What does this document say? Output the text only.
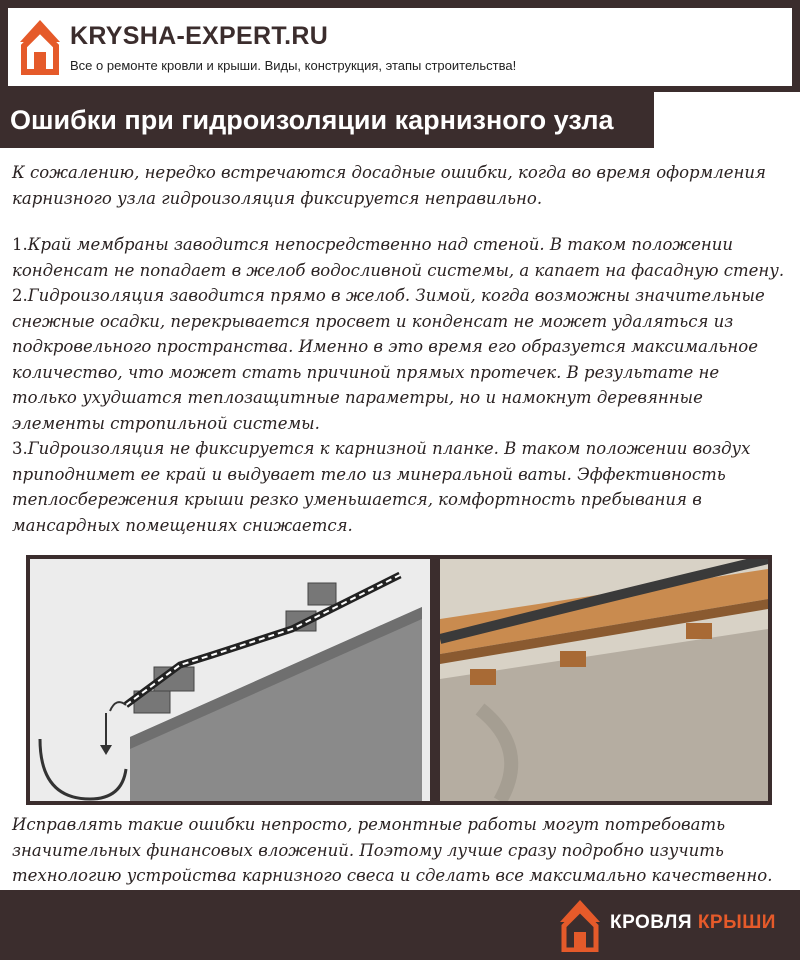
KRYSHA-EXPERT.RU
Все о ремонте кровли и крыши. Виды, конструкция, этапы строительства!
Ошибки при гидроизоляции карнизного узла

К сожалению, нередко встречаются досадные ошибки, когда во время оформления карнизного узла гидроизоляция фиксируется неправильно.

1.Край мембраны заводится непосредственно над стеной. В таком положении конденсат не попадает в желоб водосливной системы, а капает на фасадную стену.

2.Гидроизоляция заводится прямо в желоб. Зимой, когда возможны значительные снежные осадки, перекрывается просвет и конденсат не может удаляться из подкровельного пространства. Именно в это время его образуется максимальное количество, что может стать причиной прямых протечек. В результате не только ухудшатся теплозащитные параметры, но и намокнут деревянные элементы стропильной системы.

3.Гидроизоляция не фиксируется к карнизной планке. В таком положении воздух приподнимет ее край и выдувает тело из минеральной ваты. Эффективность теплосбережения крыши резко уменьшается, комфортность пребывания в мансардных помещениях снижается.

Исправлять такие ошибки непросто, ремонтные работы могут потребовать значительных финансовых вложений. Поэтому лучше сразу подробно изучить технологию устройства карнизного свеса и сделать все максимально качественно.

КРОВЛЯ КРЫШИ
